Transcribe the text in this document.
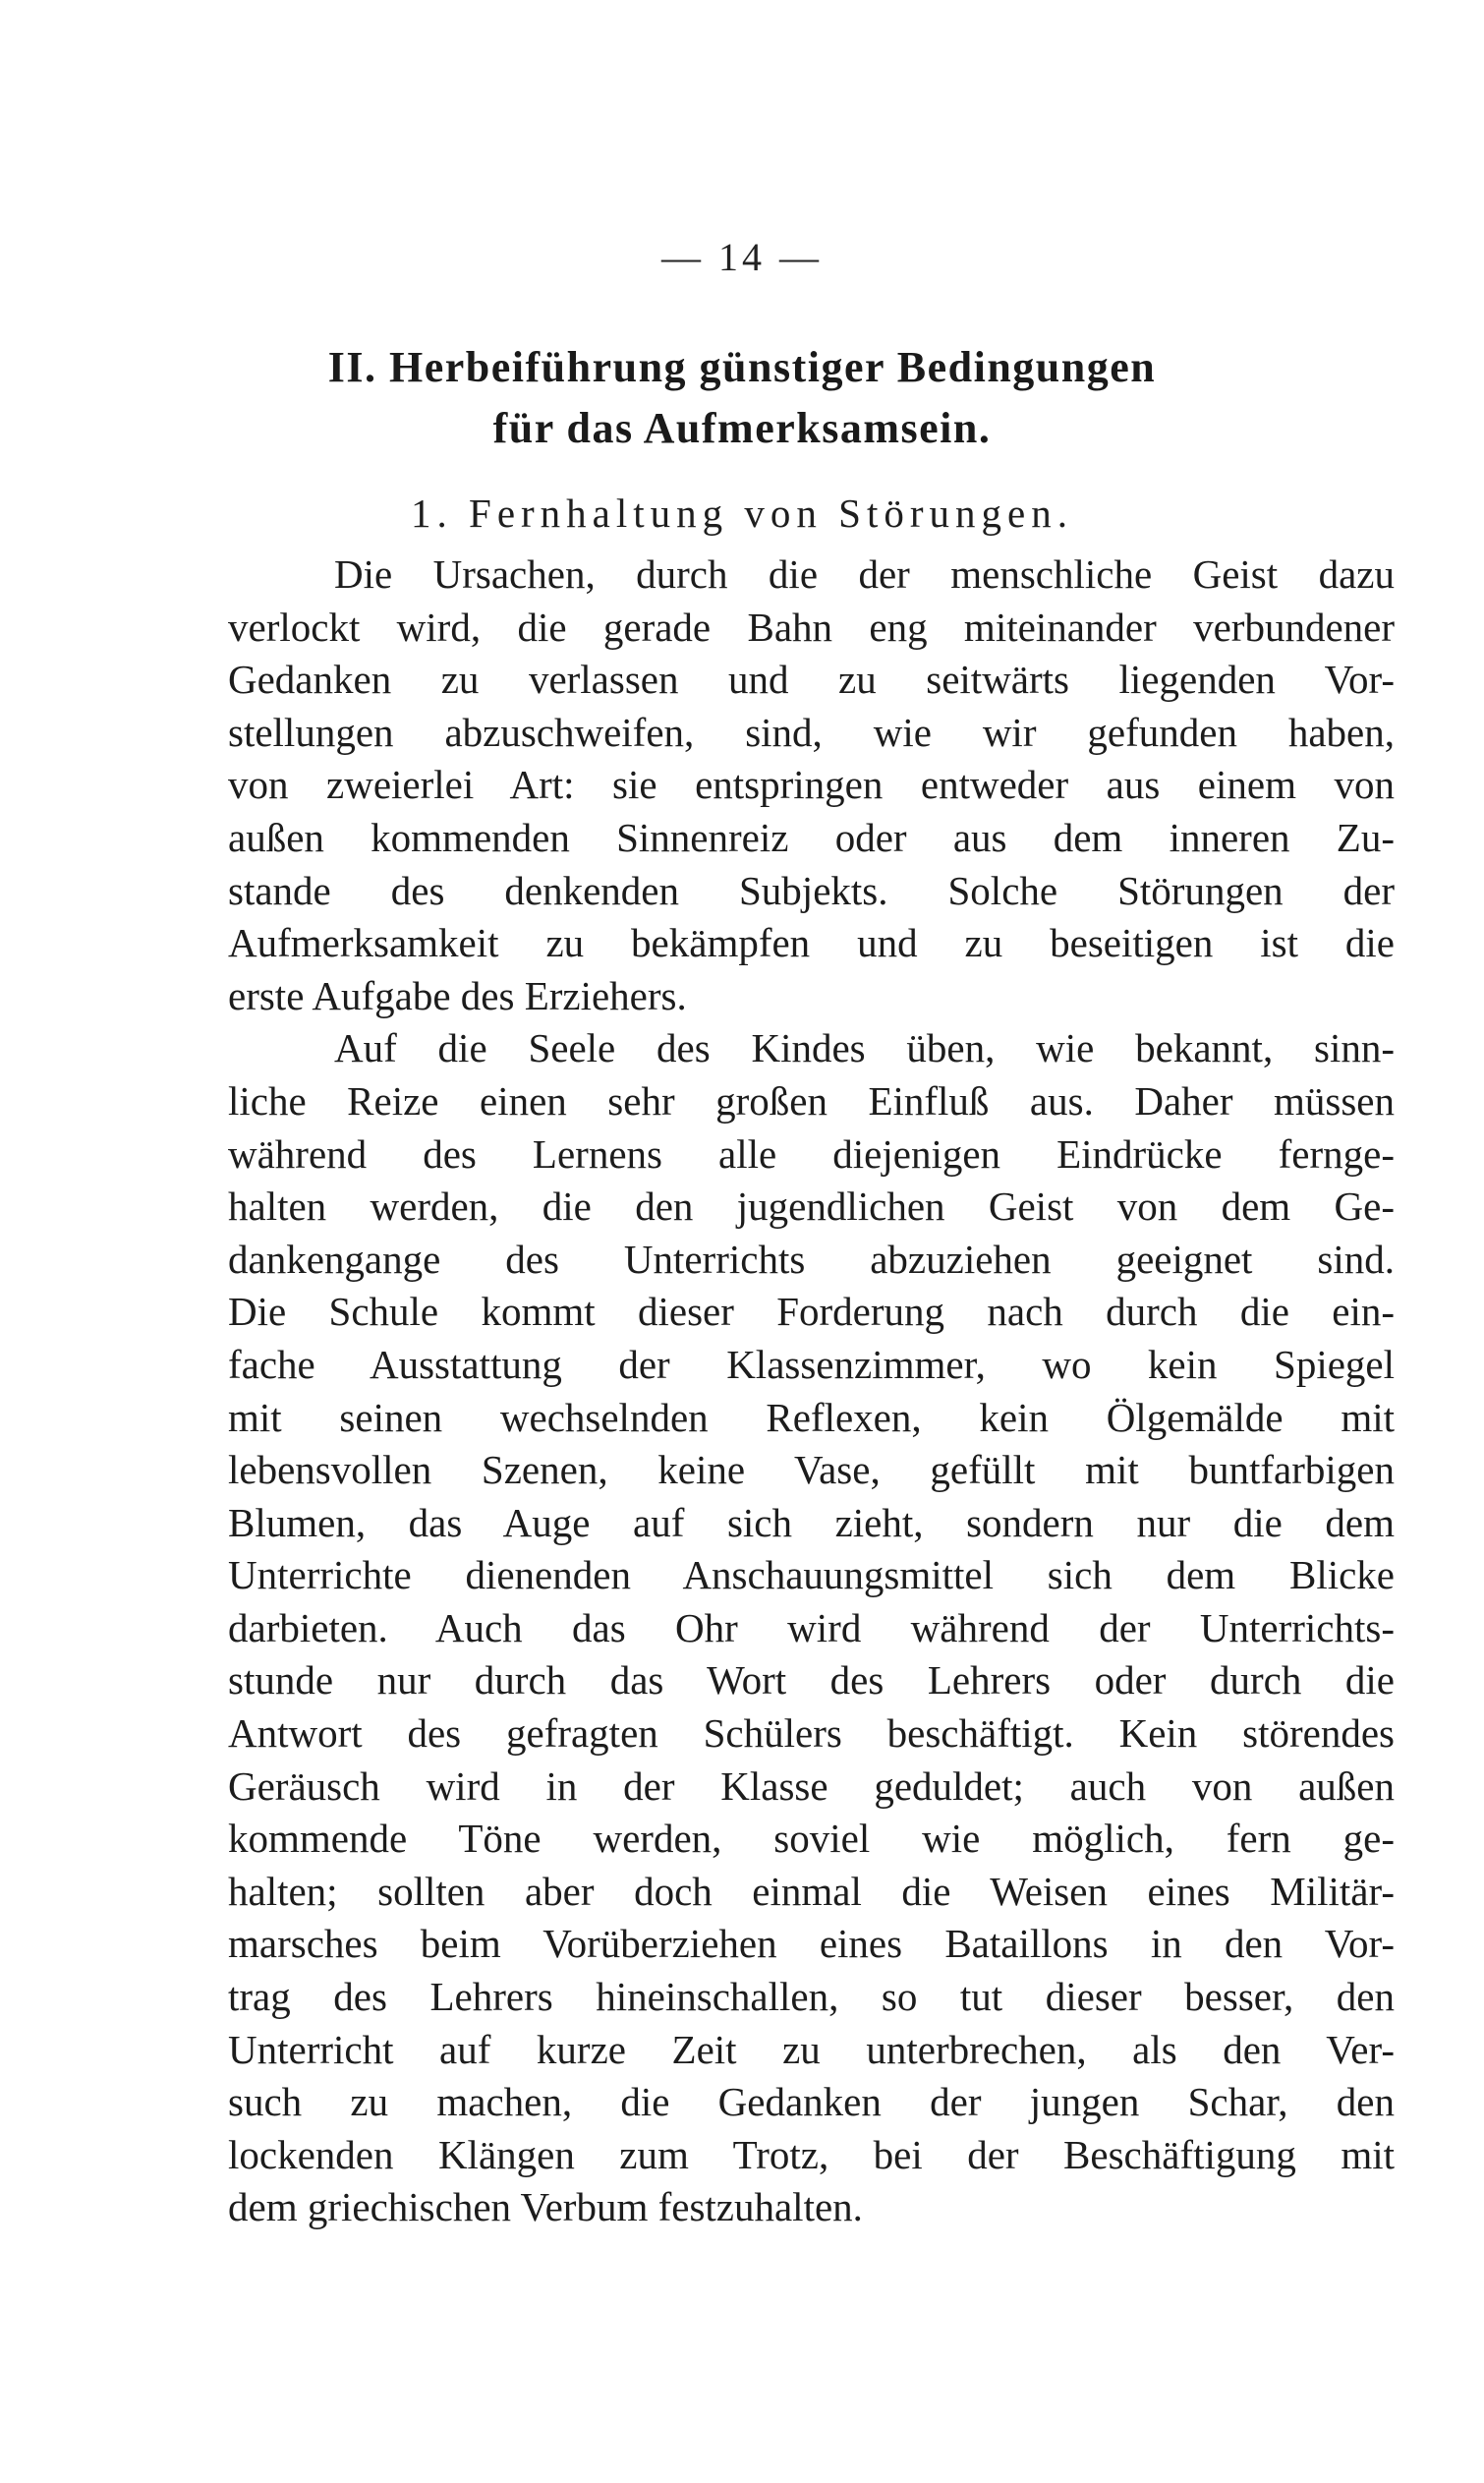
— 14 —
II. Herbeiführung günstiger Bedingungen
für das Aufmerksamsein.
1. Fernhaltung von Störungen.
Die Ursachen, durch die der menschliche Geist dazu
verlockt wird, die gerade Bahn eng miteinander verbundener
Gedanken zu verlassen und zu seitwärts liegenden Vor-
stellungen abzuschweifen, sind, wie wir gefunden haben,
von zweierlei Art: sie entspringen entweder aus einem von
außen kommenden Sinnenreiz oder aus dem inneren Zu-
stande des denkenden Subjekts. Solche Störungen der
Aufmerksamkeit zu bekämpfen und zu beseitigen ist die
erste Aufgabe des Erziehers.
Auf die Seele des Kindes üben, wie bekannt, sinn-
liche Reize einen sehr großen Einfluß aus. Daher müssen
während des Lernens alle diejenigen Eindrücke fernge-
halten werden, die den jugendlichen Geist von dem Ge-
dankengange des Unterrichts abzuziehen geeignet sind.
Die Schule kommt dieser Forderung nach durch die ein-
fache Ausstattung der Klassenzimmer, wo kein Spiegel
mit seinen wechselnden Reflexen, kein Ölgemälde mit
lebensvollen Szenen, keine Vase, gefüllt mit buntfarbigen
Blumen, das Auge auf sich zieht, sondern nur die dem
Unterrichte dienenden Anschauungsmittel sich dem Blicke
darbieten. Auch das Ohr wird während der Unterrichts-
stunde nur durch das Wort des Lehrers oder durch die
Antwort des gefragten Schülers beschäftigt. Kein störendes
Geräusch wird in der Klasse geduldet; auch von außen
kommende Töne werden, soviel wie möglich, fern ge-
halten; sollten aber doch einmal die Weisen eines Militär-
marsches beim Vorüberziehen eines Bataillons in den Vor-
trag des Lehrers hineinschallen, so tut dieser besser, den
Unterricht auf kurze Zeit zu unterbrechen, als den Ver-
such zu machen, die Gedanken der jungen Schar, den
lockenden Klängen zum Trotz, bei der Beschäftigung mit
dem griechischen Verbum festzuhalten.
